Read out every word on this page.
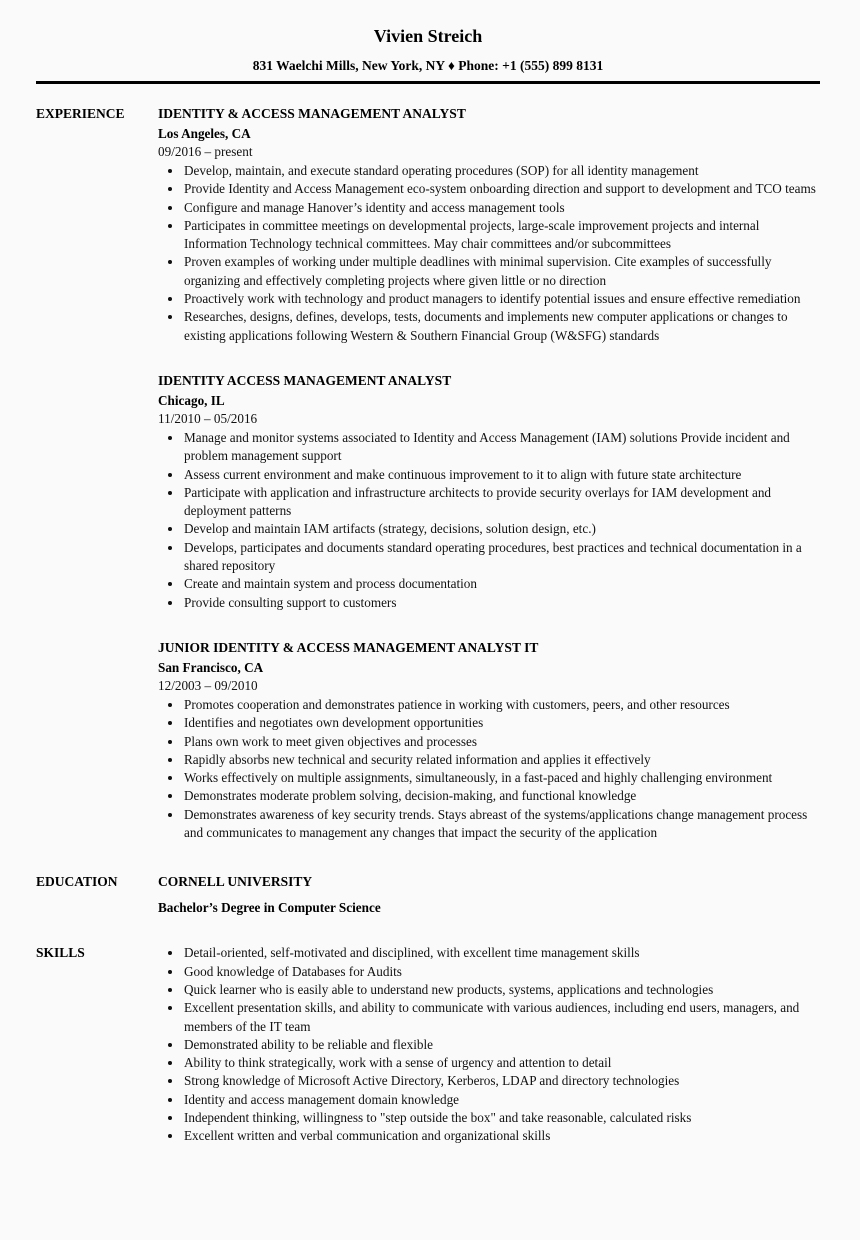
Vivien Streich
831 Waelchi Mills, New York, NY ♦ Phone: +1 (555) 899 8131
EXPERIENCE	IDENTITY & ACCESS MANAGEMENT ANALYST
Los Angeles, CA
09/2016 – present
• Develop, maintain, and execute standard operating procedures (SOP) for all identity management
• Provide Identity and Access Management eco-system onboarding direction and support to development and TCO teams
• Configure and manage Hanover’s identity and access management tools
• Participates in committee meetings on developmental projects, large-scale improvement projects and internal Information Technology technical committees. May chair committees and/or subcommittees
• Proven examples of working under multiple deadlines with minimal supervision. Cite examples of successfully organizing and effectively completing projects where given little or no direction
• Proactively work with technology and product managers to identify potential issues and ensure effective remediation
• Researches, designs, defines, develops, tests, documents and implements new computer applications or changes to existing applications following Western & Southern Financial Group (W&SFG) standards
IDENTITY ACCESS MANAGEMENT ANALYST
Chicago, IL
11/2010 – 05/2016
• Manage and monitor systems associated to Identity and Access Management (IAM) solutions Provide incident and problem management support
• Assess current environment and make continuous improvement to it to align with future state architecture
• Participate with application and infrastructure architects to provide security overlays for IAM development and deployment patterns
• Develop and maintain IAM artifacts (strategy, decisions, solution design, etc.)
• Develops, participates and documents standard operating procedures, best practices and technical documentation in a shared repository
• Create and maintain system and process documentation
• Provide consulting support to customers
JUNIOR IDENTITY & ACCESS MANAGEMENT ANALYST IT
San Francisco, CA
12/2003 – 09/2010
• Promotes cooperation and demonstrates patience in working with customers, peers, and other resources
• Identifies and negotiates own development opportunities
• Plans own work to meet given objectives and processes
• Rapidly absorbs new technical and security related information and applies it effectively
• Works effectively on multiple assignments, simultaneously, in a fast-paced and highly challenging environment
• Demonstrates moderate problem solving, decision-making, and functional knowledge
• Demonstrates awareness of key security trends. Stays abreast of the systems/applications change management process and communicates to management any changes that impact the security of the application
EDUCATION	CORNELL UNIVERSITY
Bachelor’s Degree in Computer Science
SKILLS	• Detail-oriented, self-motivated and disciplined, with excellent time management skills
• Good knowledge of Databases for Audits
• Quick learner who is easily able to understand new products, systems, applications and technologies
• Excellent presentation skills, and ability to communicate with various audiences, including end users, managers, and members of the IT team
• Demonstrated ability to be reliable and flexible
• Ability to think strategically, work with a sense of urgency and attention to detail
• Strong knowledge of Microsoft Active Directory, Kerberos, LDAP and directory technologies
• Identity and access management domain knowledge
• Independent thinking, willingness to "step outside the box" and take reasonable, calculated risks
• Excellent written and verbal communication and organizational skills
